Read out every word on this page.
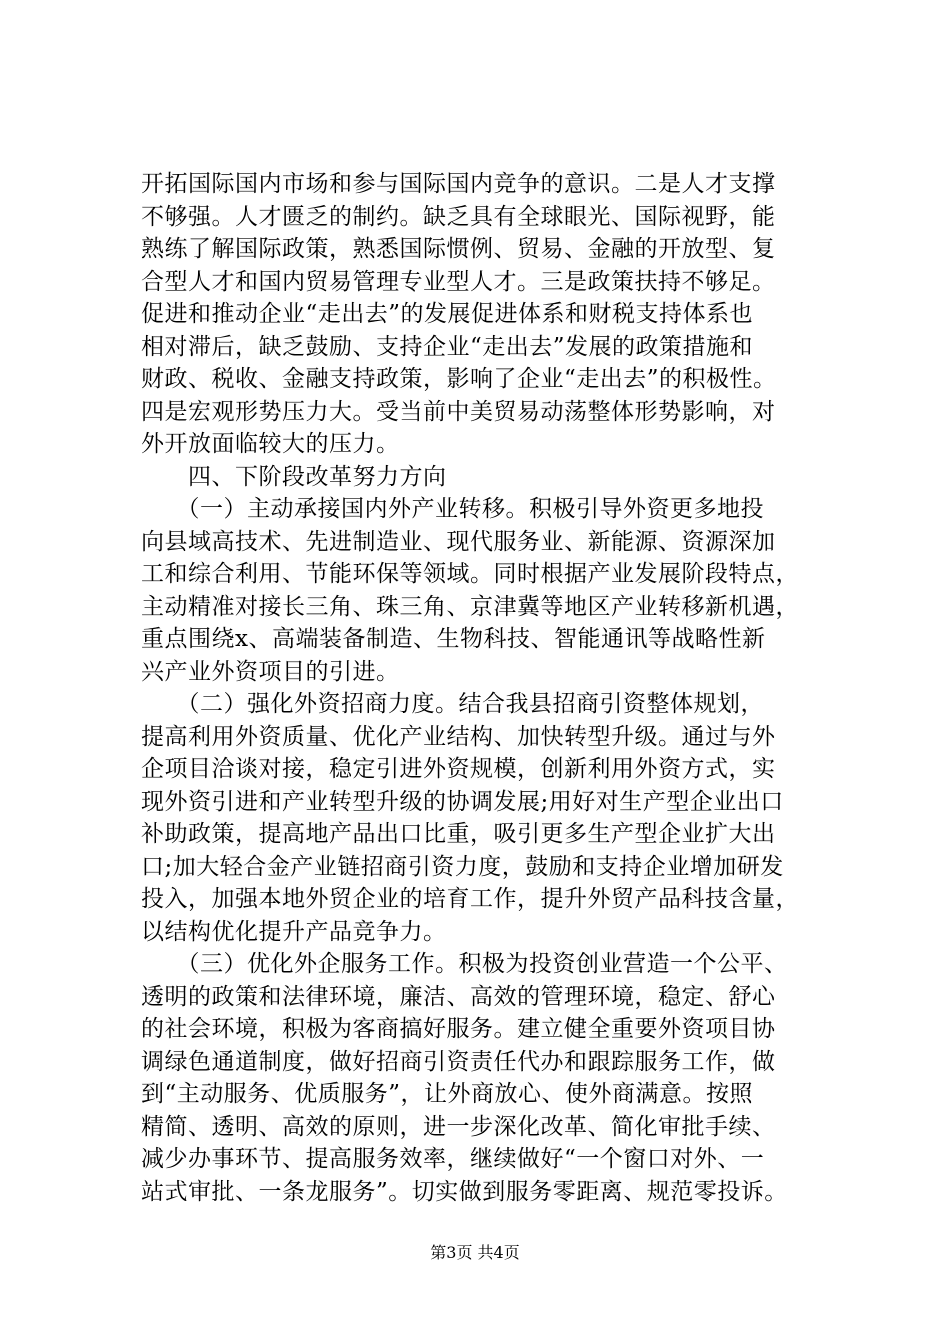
开拓国际国内市场和参与国际国内竞争的意识。二是人才支撑
不够强。人才匮乏的制约。缺乏具有全球眼光、国际视野，能
熟练了解国际政策，熟悉国际惯例、贸易、金融的开放型、复
合型人才和国内贸易管理专业型人才。三是政策扶持不够足。
促进和推动企业“走出去”的发展促进体系和财税支持体系也
相对滞后，缺乏鼓励、支持企业“走出去”发展的政策措施和
财政、税收、金融支持政策，影响了企业“走出去”的积极性。
四是宏观形势压力大。受当前中美贸易动荡整体形势影响，对
外开放面临较大的压力。
　　四、下阶段改革努力方向
　　（一）主动承接国内外产业转移。积极引导外资更多地投
向县域高技术、先进制造业、现代服务业、新能源、资源深加
工和综合利用、节能环保等领域。同时根据产业发展阶段特点，
主动精准对接长三角、珠三角、京津冀等地区产业转移新机遇，
重点围绕x、高端装备制造、生物科技、智能通讯等战略性新
兴产业外资项目的引进。
　　（二）强化外资招商力度。结合我县招商引资整体规划，
提高利用外资质量、优化产业结构、加快转型升级。通过与外
企项目洽谈对接，稳定引进外资规模，创新利用外资方式，实
现外资引进和产业转型升级的协调发展;用好对生产型企业出口
补助政策，提高地产品出口比重，吸引更多生产型企业扩大出
口;加大轻合金产业链招商引资力度，鼓励和支持企业增加研发
投入，加强本地外贸企业的培育工作，提升外贸产品科技含量，
以结构优化提升产品竞争力。
　　（三）优化外企服务工作。积极为投资创业营造一个公平、
透明的政策和法律环境，廉洁、高效的管理环境，稳定、舒心
的社会环境，积极为客商搞好服务。建立健全重要外资项目协
调绿色通道制度，做好招商引资责任代办和跟踪服务工作，做
到“主动服务、优质服务”，让外商放心、使外商满意。按照
精简、透明、高效的原则，进一步深化改革、简化审批手续、
减少办事环节、提高服务效率，继续做好“一个窗口对外、一
站式审批、一条龙服务”。切实做到服务零距离、规范零投诉。
第3页 共4页
